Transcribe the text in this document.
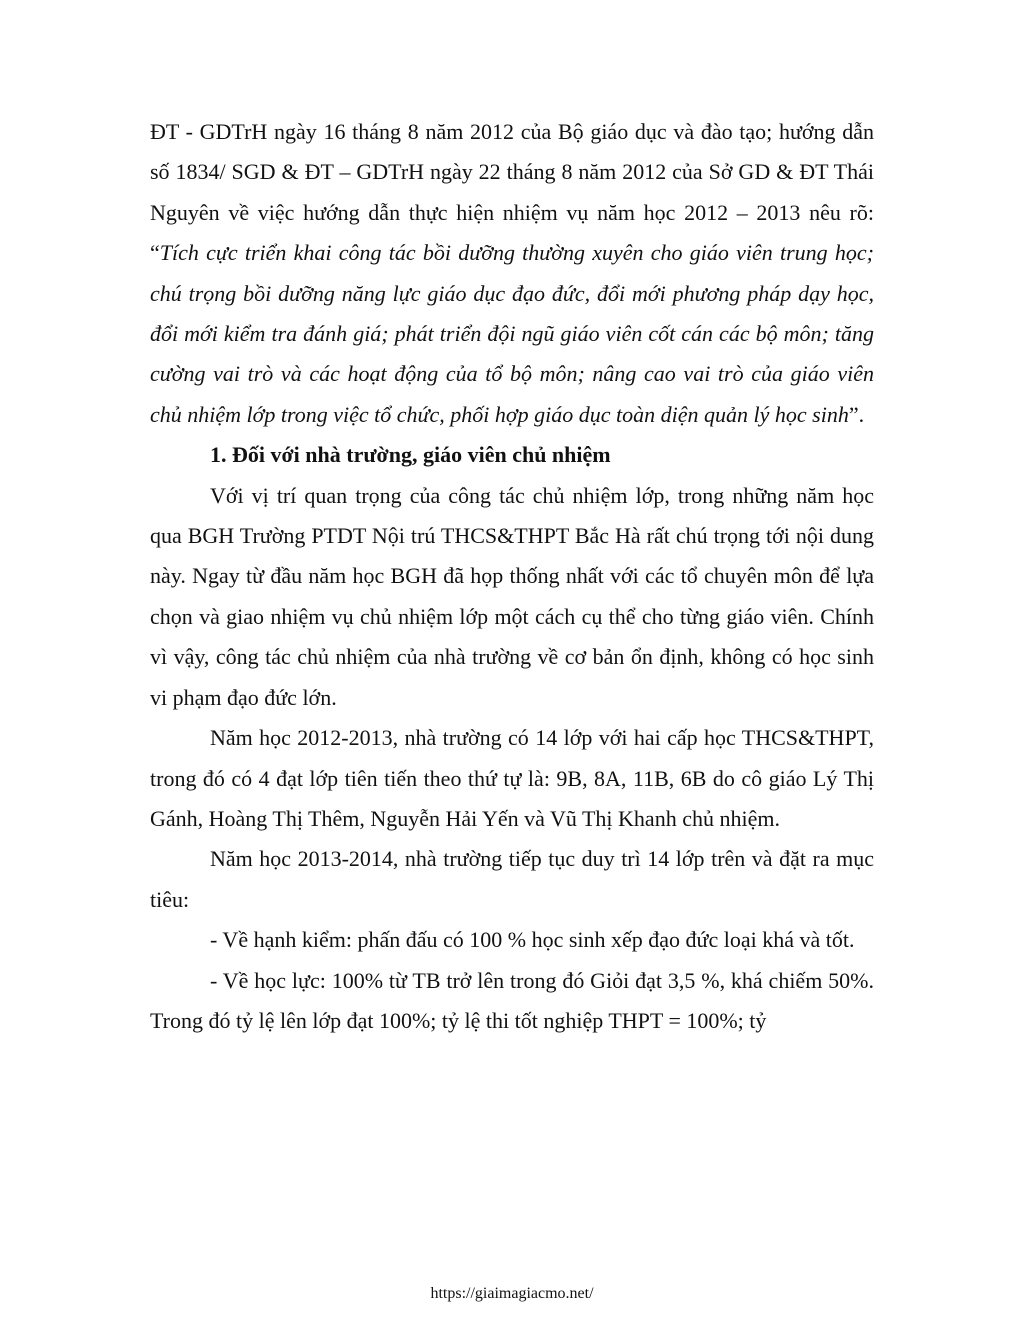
ĐT - GDTrH ngày 16 tháng 8 năm 2012 của Bộ giáo dục và đào tạo; hướng dẫn số 1834/ SGD & ĐT – GDTrH ngày 22 tháng 8 năm 2012 của Sở GD & ĐT Thái Nguyên về việc hướng dẫn thực hiện nhiệm vụ năm học 2012 – 2013 nêu rõ: “Tích cực triển khai công tác bồi dưỡng thường xuyên cho giáo viên trung học; chú trọng bồi dưỡng năng lực giáo dục đạo đức, đổi mới phương pháp dạy học, đổi mới kiểm tra đánh giá; phát triển đội ngũ giáo viên cốt cán các bộ môn; tăng cường vai trò và các hoạt động của tổ bộ môn; nâng cao vai trò của giáo viên chủ nhiệm lớp trong việc tổ chức, phối hợp giáo dục toàn diện quản lý học sinh”.

1. Đối với nhà trường, giáo viên chủ nhiệm

Với vị trí quan trọng của công tác chủ nhiệm lớp, trong những năm học qua BGH Trường PTDT Nội trú THCS&THPT Bắc Hà rất chú trọng tới nội dung này. Ngay từ đầu năm học BGH đã họp thống nhất với các tổ chuyên môn để lựa chọn và giao nhiệm vụ chủ nhiệm lớp một cách cụ thể cho từng giáo viên. Chính vì vậy, công tác chủ nhiệm của nhà trường về cơ bản ổn định, không có học sinh vi phạm đạo đức lớn.

Năm học 2012-2013, nhà trường có 14 lớp với hai cấp học THCS&THPT, trong đó có 4 đạt lớp tiên tiến theo thứ tự là: 9B, 8A, 11B, 6B do cô giáo Lý Thị Gánh, Hoàng Thị Thêm, Nguyễn Hải Yến và Vũ Thị Khanh chủ nhiệm.

Năm học 2013-2014, nhà trường tiếp tục duy trì 14 lớp trên và đặt ra mục tiêu:

- Về hạnh kiểm: phấn đấu có 100 % học sinh xếp đạo đức loại khá và tốt.

- Về học lực: 100% từ TB trở lên trong đó Giỏi đạt 3,5 %, khá chiếm 50%. Trong đó tỷ lệ lên lớp đạt 100%; tỷ lệ thi tốt nghiệp THPT = 100%; tỷ

https://giaimagiacmo.net/
